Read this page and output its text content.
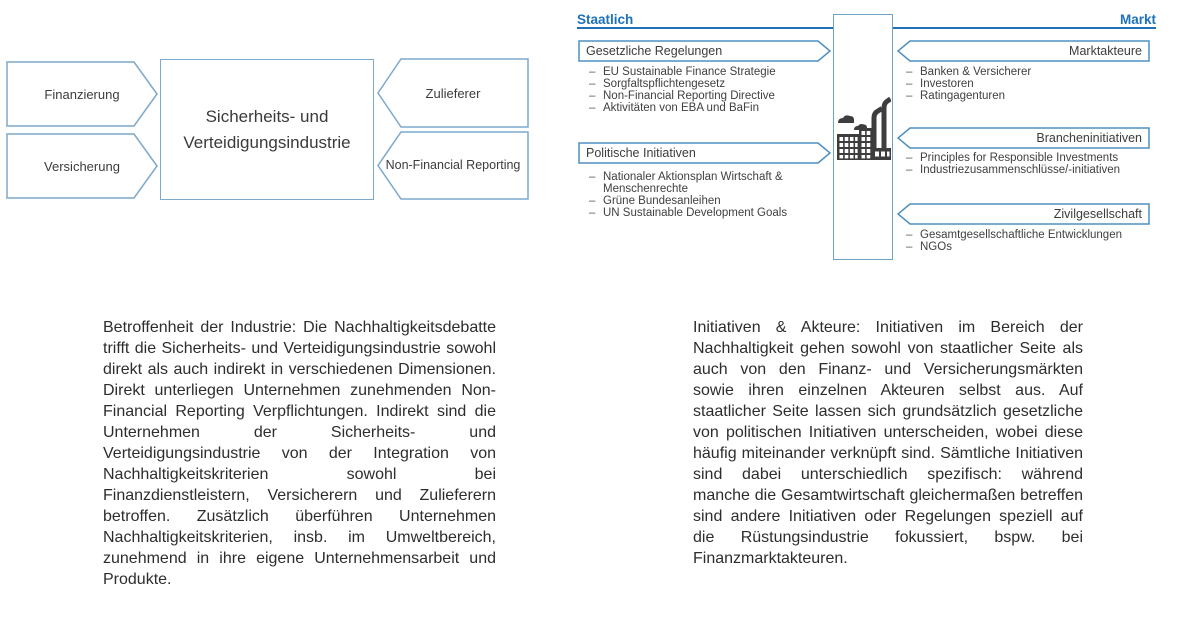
Finanzierung
Versicherung
Sicherheits- und
Verteidigungsindustrie
Zulieferer
Non-Financial Reporting
Staatlich	Markt
Gesetzliche Regelungen
– EU Sustainable Finance Strategie
– Sorgfaltspflichtengesetz
– Non-Financial Reporting Directive
– Aktivitäten von EBA und BaFin
Politische Initiativen
– Nationaler Aktionsplan Wirtschaft & Menschenrechte
– Grüne Bundesanleihen
– UN Sustainable Development Goals
Marktakteure
– Banken & Versicherer
– Investoren
– Ratingagenturen
Brancheninitiativen
– Principles for Responsible Investments
– Industriezusammenschlüsse/-initiativen
Zivilgesellschaft
– Gesamtgesellschaftliche Entwicklungen
– NGOs
Betroffenheit der Industrie: Die Nachhaltigkeitsdebatte trifft die Sicherheits- und Verteidigungsindustrie sowohl direkt als auch indirekt in verschiedenen Dimensionen. Direkt unterliegen Unternehmen zunehmenden Non-Financial Reporting Verpflichtungen. Indirekt sind die Unternehmen der Sicherheits- und Verteidigungsindustrie von der Integration von Nachhaltigkeitskriterien sowohl bei Finanzdienstleistern, Versicherern und Zulieferern betroffen. Zusätzlich überführen Unternehmen Nachhaltigkeitskriterien, insb. im Umweltbereich, zunehmend in ihre eigene Unternehmensarbeit und Produkte.
Initiativen & Akteure: Initiativen im Bereich der Nachhaltigkeit gehen sowohl von staatlicher Seite als auch von den Finanz- und Versicherungsmärkten sowie ihren einzelnen Akteuren selbst aus. Auf staatlicher Seite lassen sich grundsätzlich gesetzliche von politischen Initiativen unterscheiden, wobei diese häufig miteinander verknüpft sind. Sämtliche Initiativen sind dabei unterschiedlich spezifisch: während manche die Gesamtwirtschaft gleichermaßen betreffen sind andere Initiativen oder Regelungen speziell auf die Rüstungsindustrie fokussiert, bspw. bei Finanzmarktakteuren.
